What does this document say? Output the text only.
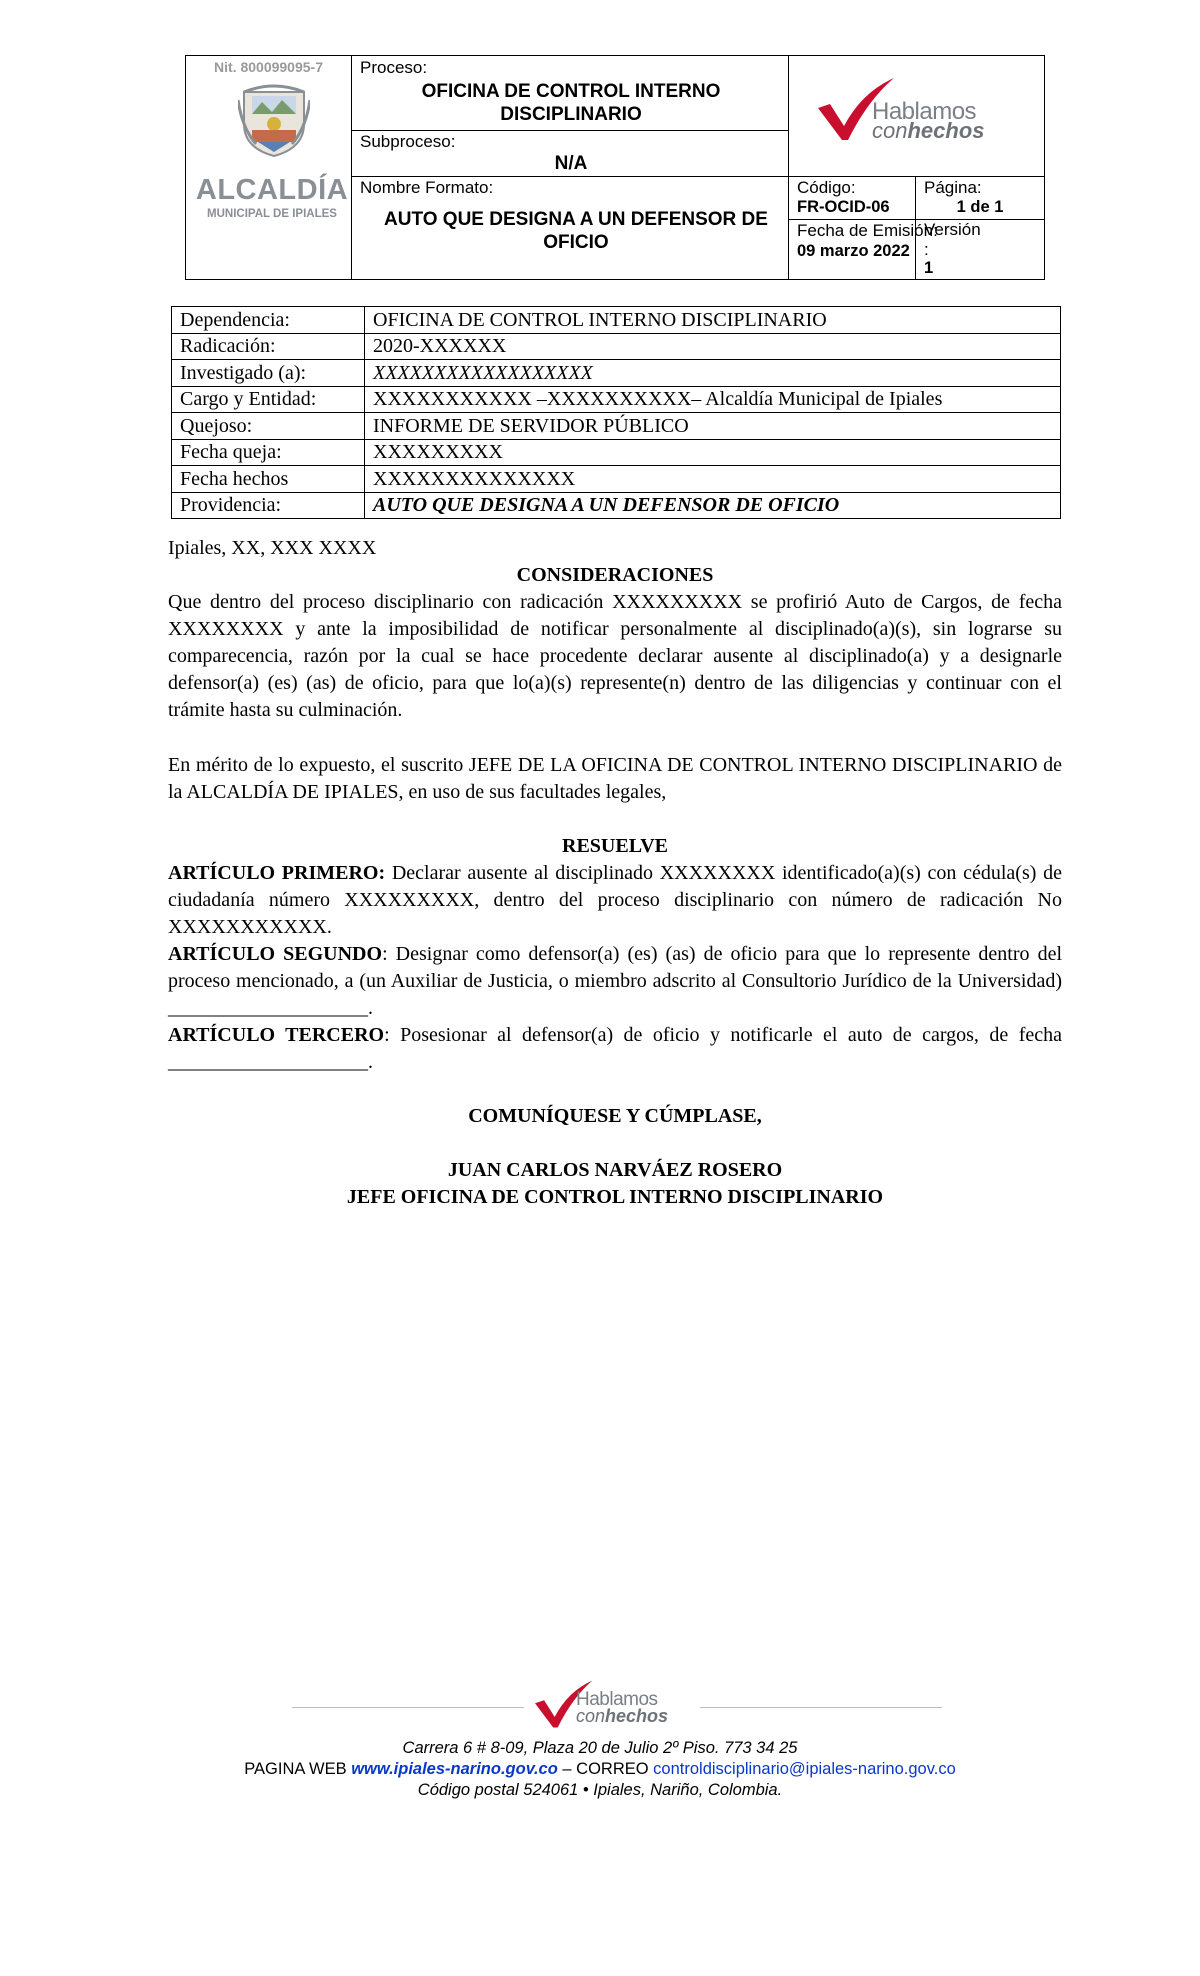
Nit. 800099095-7
ALCALDÍA
MUNICIPAL DE IPIALES
Proceso:
OFICINA DE CONTROL INTERNO DISCIPLINARIO
Subproceso:
N/A
Nombre Formato:
AUTO QUE DESIGNA A UN DEFENSOR DE OFICIO
Hablamos
conhechos
Código:
FR-OCID-06
Fecha de Emisión:
09 marzo 2022
Página:
1 de 1
Versión
:
1
Dependencia:	OFICINA DE CONTROL INTERNO DISCIPLINARIO
Radicación:	2020-XXXXXX
Investigado (a):	XXXXXXXXXXXXXXXXXX
Cargo y Entidad:	XXXXXXXXXXX –XXXXXXXXXX– Alcaldía Municipal de Ipiales
Quejoso:	INFORME DE SERVIDOR PÚBLICO
Fecha queja:	XXXXXXXXX
Fecha hechos	XXXXXXXXXXXXXX
Providencia:	AUTO QUE DESIGNA A UN DEFENSOR DE OFICIO
Ipiales, XX, XXX XXXX
CONSIDERACIONES
Que dentro del proceso disciplinario con radicación XXXXXXXXX se profirió Auto de Cargos, de fecha XXXXXXXX y ante la imposibilidad de notificar personalmente al disciplinado(a)(s), sin lograrse su comparecencia, razón por la cual se hace procedente declarar ausente al disciplinado(a) y a designarle defensor(a) (es) (as) de oficio, para que lo(a)(s) represente(n) dentro de las diligencias y continuar con el trámite hasta su culminación.
En mérito de lo expuesto, el suscrito JEFE DE LA OFICINA DE CONTROL INTERNO DISCIPLINARIO de la ALCALDÍA DE IPIALES, en uso de sus facultades legales,
RESUELVE
ARTÍCULO PRIMERO: Declarar ausente al disciplinado XXXXXXXX identificado(a)(s) con cédula(s) de ciudadanía número XXXXXXXXX, dentro del proceso disciplinario con número de radicación No XXXXXXXXXXX.
ARTÍCULO SEGUNDO: Designar como defensor(a) (es) (as) de oficio para que lo represente dentro del proceso mencionado, a (un Auxiliar de Justicia, o miembro adscrito al Consultorio Jurídico de la Universidad) ____________________.
ARTÍCULO TERCERO: Posesionar al defensor(a) de oficio y notificarle el auto de cargos, de fecha ____________________.
COMUNÍQUESE Y CÚMPLASE,
JUAN CARLOS NARVÁEZ ROSERO
JEFE OFICINA DE CONTROL INTERNO DISCIPLINARIO
Hablamos
conhechos
Carrera 6 # 8-09, Plaza 20 de Julio 2º Piso. 773 34 25
PAGINA WEB www.ipiales-narino.gov.co – CORREO controldisciplinario@ipiales-narino.gov.co
Código postal 524061 • Ipiales, Nariño, Colombia.
